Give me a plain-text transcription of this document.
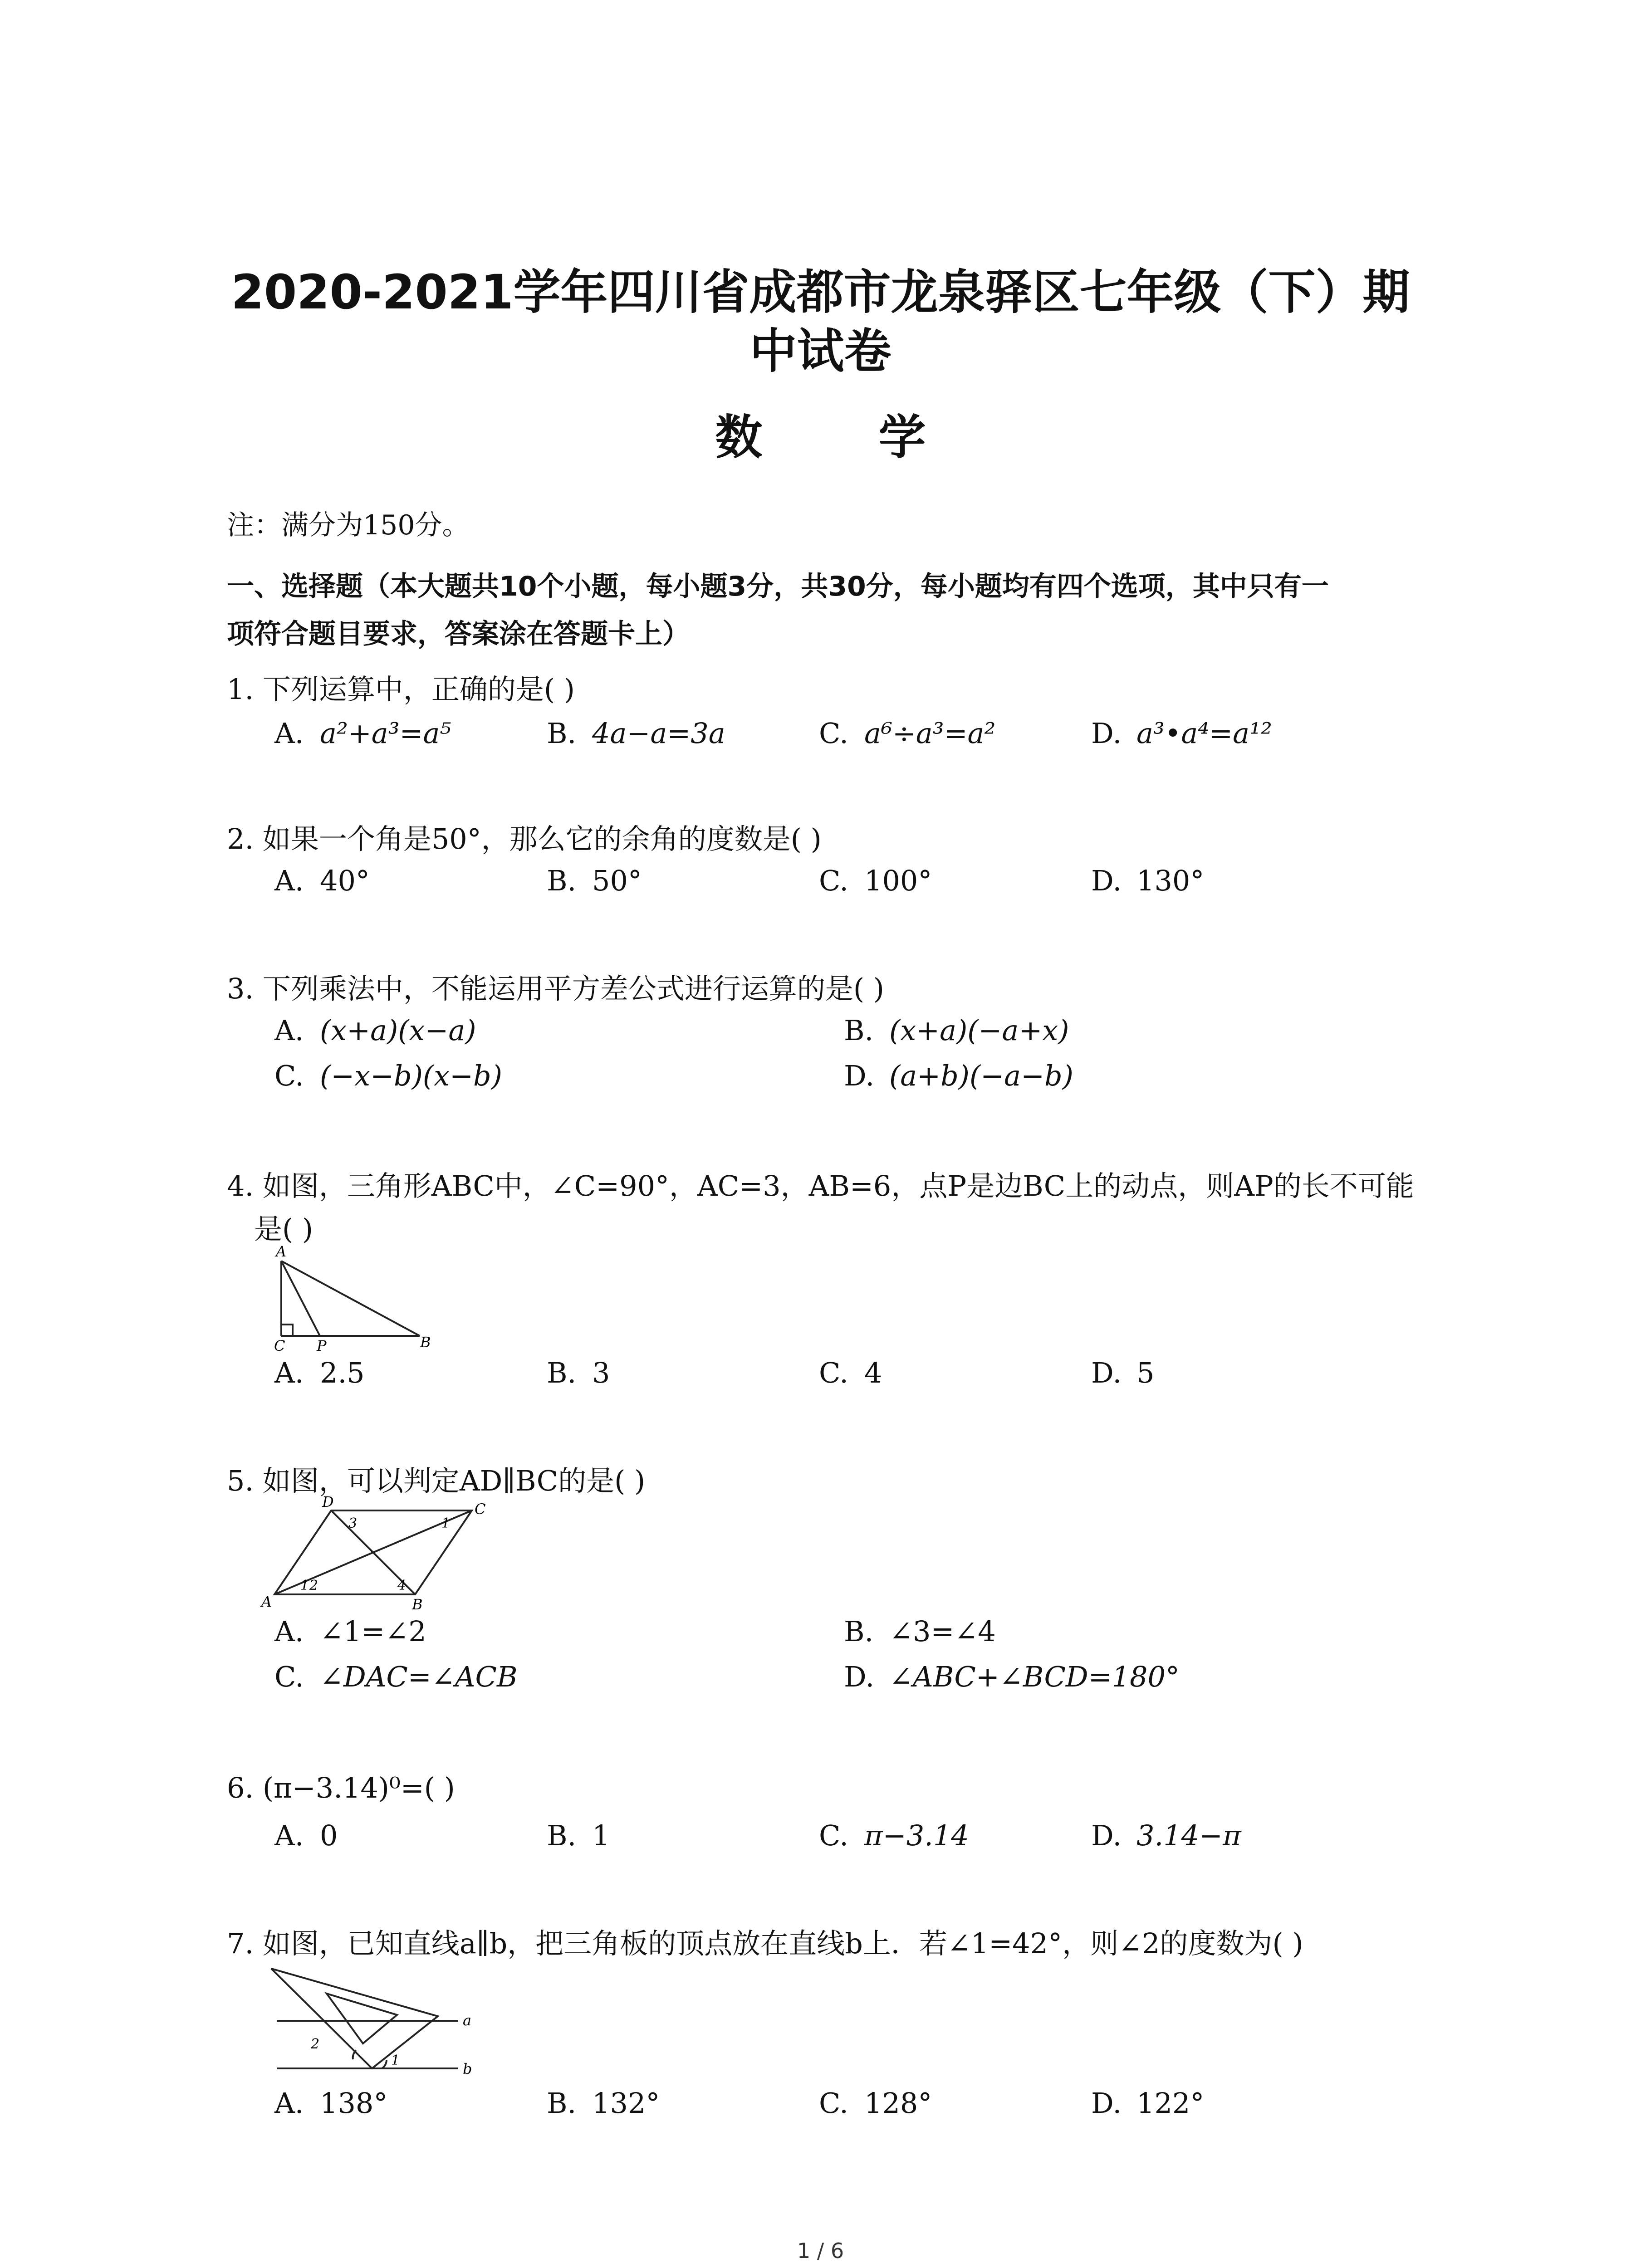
2020-2021学年四川省成都市龙泉驿区七年级（下）期
中试卷
数 学
注：满分为150分。
一、选择题（本大题共10个小题，每小题3分，共30分，每小题均有四个选项，其中只有一
项符合题目要求，答案涂在答题卡上）
1. 下列运算中，正确的是( )
A. a²+a³=a⁵	B. 4a−a=3a	C. a⁶÷a³=a²	D. a³•a⁴=a¹²
2. 如果一个角是50°，那么它的余角的度数是( )
A. 40°	B. 50°	C. 100°	D. 130°
3. 下列乘法中，不能运用平方差公式进行运算的是( )
A. (x+a)(x−a)	B. (x+a)(−a+x)
C. (−x−b)(x−b)	D. (a+b)(−a−b)
4. 如图，三角形ABC中，∠C=90°，AC=3，AB=6，点P是边BC上的动点，则AP的长不可能
是( )
A
C P	B
A. 2.5	B. 3	C. 4	D. 5
5. 如图，可以判定AD∥BC的是( )
D	C
A	B
1
2
3
4
1
A. ∠1=∠2	B. ∠3=∠4
C. ∠DAC=∠ACB	D. ∠ABC+∠BCD=180°
6. (π−3.14)⁰=( )
A. 0	B. 1	C. π−3.14	D. 3.14−π
7. 如图，已知直线a∥b，把三角板的顶点放在直线b上．若∠1=42°，则∠2的度数为( )
a
b
1
2
A. 138°	B. 132°	C. 128°	D. 122°
1 / 6
